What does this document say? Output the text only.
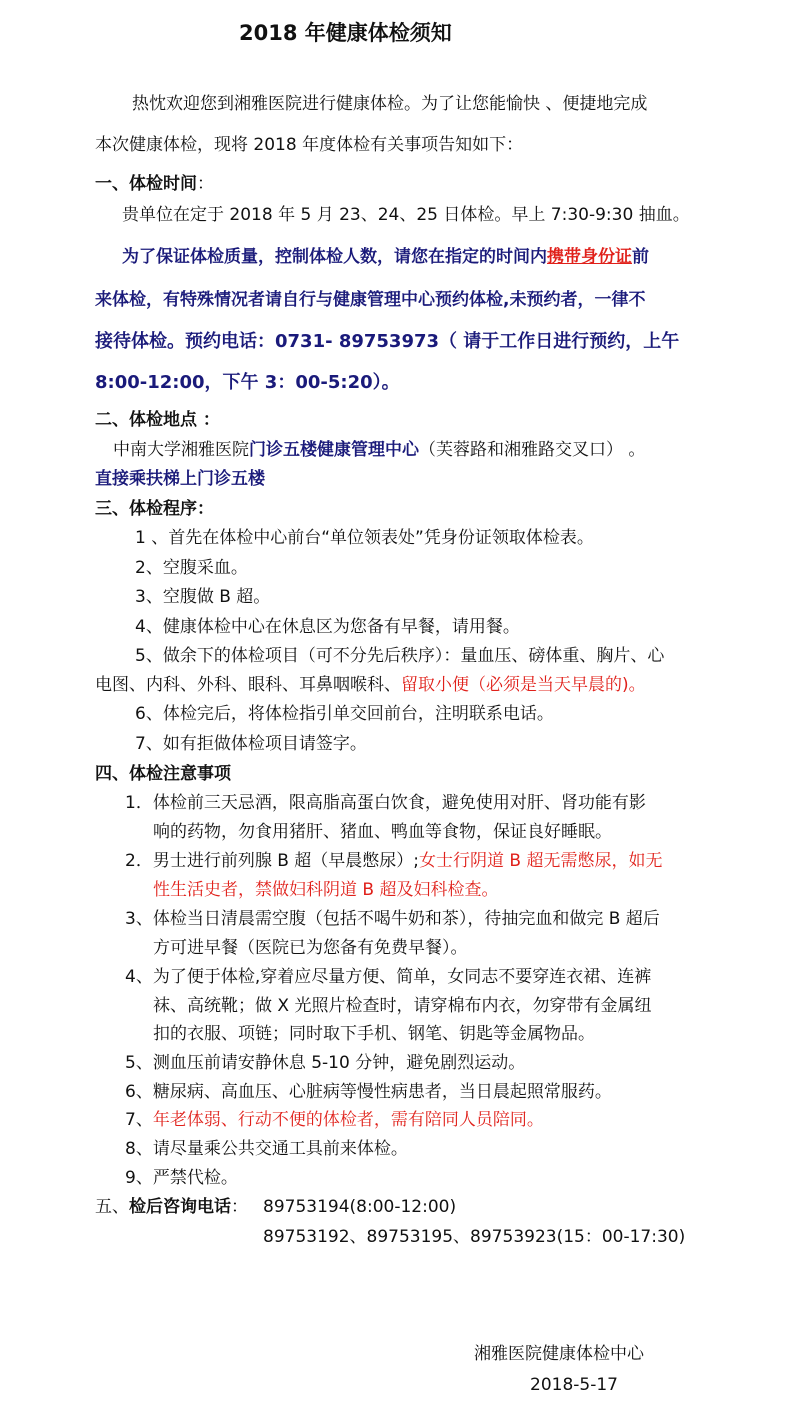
2018 年健康体检须知
热忱欢迎您到湘雅医院进行健康体检。为了让您能愉快 、便捷地完成
本次健康体检，现将 2018 年度体检有关事项告知如下：
一、体检时间：
贵单位在定于 2018 年 5 月 23、24、25 日体检。早上 7:30-9:30 抽血。
为了保证体检质量，控制体检人数，请您在指定的时间内携带身份证前
来体检，有特殊情况者请自行与健康管理中心预约体检,未预约者，一律不
接待体检。预约电话：0731- 89753973（ 请于工作日进行预约，上午
8:00-12:00，下午 3：00-5:20）。
二、体检地点 ：
中南大学湘雅医院门诊五楼健康管理中心（芙蓉路和湘雅路交叉口） 。
直接乘扶梯上门诊五楼
三、体检程序：
1 、首先在体检中心前台“单位领表处”凭身份证领取体检表。
2、空腹采血。
3、空腹做 B 超。
4、健康体检中心在休息区为您备有早餐，请用餐。
5、做余下的体检项目（可不分先后秩序）：量血压、磅体重、胸片、心
电图、内科、外科、眼科、耳鼻咽喉科、留取小便（必须是当天早晨的)。
6、体检完后，将体检指引单交回前台，注明联系电话。
7、如有拒做体检项目请签字。
四、体检注意事项
1．体检前三天忌酒，限高脂高蛋白饮食，避免使用对肝、肾功能有影
响的药物，勿食用猪肝、猪血、鸭血等食物，保证良好睡眠。
2．男士进行前列腺 B 超（早晨憋尿）;女士行阴道 B 超无需憋尿，如无
性生活史者，禁做妇科阴道 B 超及妇科检查。
3、体检当日清晨需空腹（包括不喝牛奶和茶），待抽完血和做完 B 超后
方可进早餐（医院已为您备有免费早餐）。
4、为了便于体检,穿着应尽量方便、简单，女同志不要穿连衣裙、连裤
袜、高统靴；做 X 光照片检查时，请穿棉布内衣，勿穿带有金属纽
扣的衣服、项链；同时取下手机、钢笔、钥匙等金属物品。
5、测血压前请安静休息 5-10 分钟，避免剧烈运动。
6、糖尿病、高血压、心脏病等慢性病患者，当日晨起照常服药。
7、年老体弱、行动不便的体检者，需有陪同人员陪同。
8、请尽量乘公共交通工具前来体检。
9、严禁代检。
五、检后咨询电话： 89753194(8:00-12:00)
89753192、89753195、89753923(15：00-17:30)
湘雅医院健康体检中心
2018-5-17
